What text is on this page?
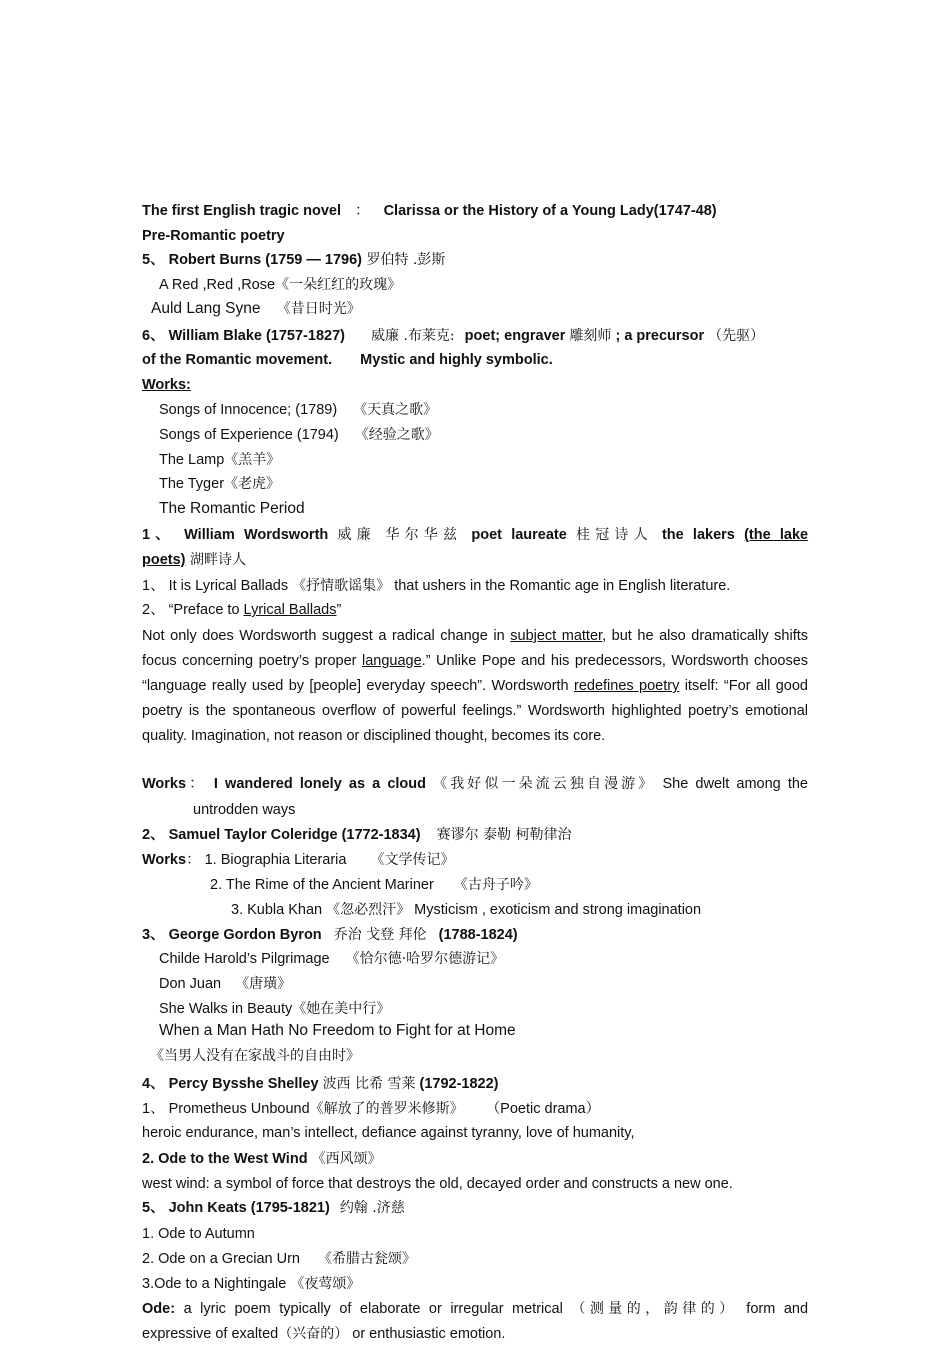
The first English tragic novel ： Clarissa or the History of a Young Lady(1747-48)
Pre-Romantic poetry
5、 Robert Burns (1759 — 1796) 罗伯特 .彭斯
A Red ,Red ,Rose《一朵红红的玫瑰》
Auld Lang Syne 《昔日时光》
6、 William Blake (1757-1827) 威廉 .布莱克: poet; engraver 雕刻师 ; a precursor （先驱）
of the Romantic movement. Mystic and highly symbolic.
Works:
Songs of Innocence; (1789) 《天真之歌》
Songs of Experience (1794) 《经验之歌》
The Lamp《羔羊》
The Tyger《老虎》
The Romantic Period
1、 William Wordsworth 威廉 华尔华兹 poet laureate 桂冠诗人 the lakers (the lake
poets) 湖畔诗人
1、 It is Lyrical Ballads 《抒情歌谣集》 that ushers in the Romantic age in English literature.
2、 “Preface to Lyrical Ballads”
Not only does Wordsworth suggest a radical change in subject matter, but he also dramatically shifts focus concerning poetry’s proper language.” Unlike Pope and his predecessors, Wordsworth chooses “language really used by [people] everyday speech”. Wordsworth redefines poetry itself: “For all good poetry is the spontaneous overflow of powerful feelings.” Wordsworth highlighted poetry’s emotional quality. Imagination, not reason or disciplined thought, becomes its core.
Works： I wandered lonely as a cloud 《我好似一朵流云独自漫游》 She dwelt among the
untrodden ways
2、 Samuel Taylor Coleridge (1772-1834) 赛谬尔 泰勒 柯勒律治
Works： 1. Biographia Literaria 《文学传记》
2. The Rime of the Ancient Mariner 《古舟子吟》
3. Kubla Khan 《忽必烈汗》 Mysticism , exoticism and strong imagination
3、 George Gordon Byron 乔治 戈登 拜伦 (1788-1824)
Childe Harold’s Pilgrimage 《恰尔德·哈罗尔德游记》
Don Juan 《唐璜》
She Walks in Beauty《她在美中行》
When a Man Hath No Freedom to Fight for at Home
《当男人没有在家战斗的自由时》
4、 Percy Bysshe Shelley 波西 比希 雪莱 (1792-1822)
1、 Prometheus Unbound《解放了的普罗米修斯》 （Poetic drama）
heroic endurance, man’s intellect, defiance against tyranny, love of humanity,
2. Ode to the West Wind 《西风颂》
west wind: a symbol of force that destroys the old, decayed order and constructs a new one.
5、 John Keats (1795-1821) 约翰 .济慈
1. Ode to Autumn
2. Ode on a Grecian Urn 《希腊古瓮颂》
3.Ode to a Nightingale 《夜莺颂》
Ode: a lyric poem typically of elaborate or irregular metrical （测量的，韵律的） form and
expressive of exalted（兴奋的） or enthusiastic emotion.
